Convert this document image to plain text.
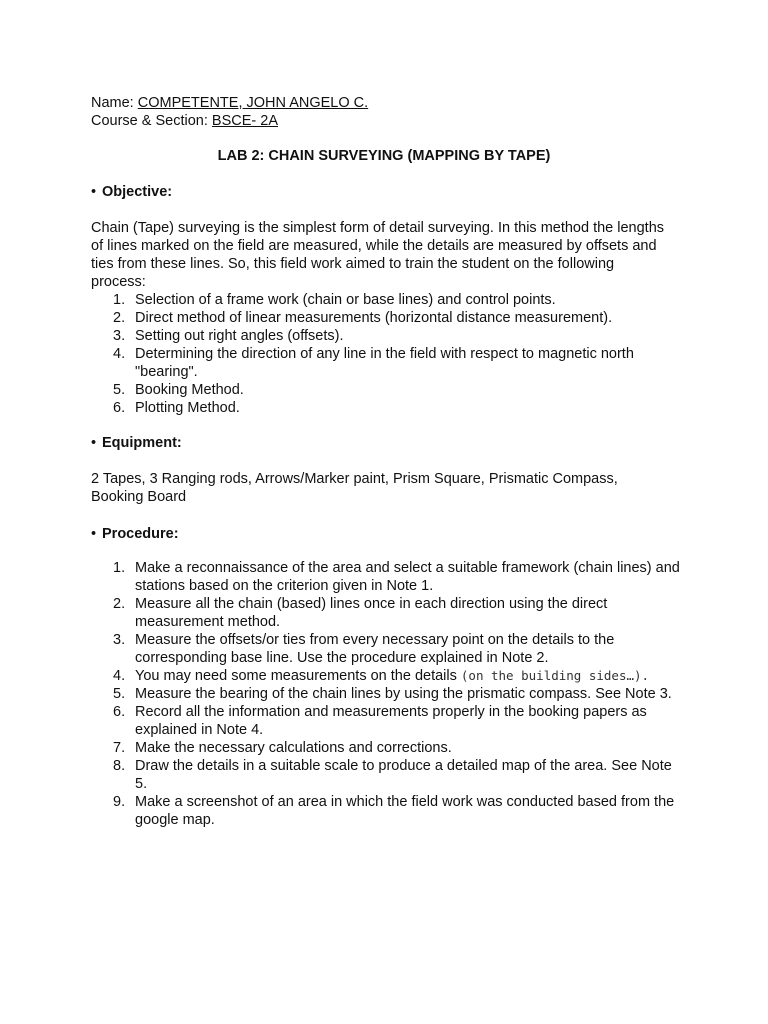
Name: COMPETENTE, JOHN ANGELO C.

Course & Section: BSCE- 2A

LAB 2: CHAIN SURVEYING (MAPPING BY TAPE)

• Objective:

Chain (Tape) surveying is the simplest form of detail surveying. In this method the lengths of lines marked on the field are measured, while the details are measured by offsets and ties from these lines. So, this field work aimed to train the student on the following process:

1. Selection of a frame work (chain or base lines) and control points.
2. Direct method of linear measurements (horizontal distance measurement).
3. Setting out right angles (offsets).
4. Determining the direction of any line in the field with respect to magnetic north "bearing".
5. Booking Method.
6. Plotting Method.

• Equipment:

2 Tapes, 3 Ranging rods, Arrows/Marker paint, Prism Square, Prismatic Compass, Booking Board

• Procedure:

1. Make a reconnaissance of the area and select a suitable framework (chain lines) and stations based on the criterion given in Note 1.
2. Measure all the chain (based) lines once in each direction using the direct measurement method.
3. Measure the offsets/or ties from every necessary point on the details to the corresponding base line. Use the procedure explained in Note 2.
4. You may need some measurements on the details (on the building sides…).
5. Measure the bearing of the chain lines by using the prismatic compass. See Note 3.
6. Record all the information and measurements properly in the booking papers as explained in Note 4.
7. Make the necessary calculations and corrections.
8. Draw the details in a suitable scale to produce a detailed map of the area. See Note 5.
9. Make a screenshot of an area in which the field work was conducted based from the google map.
